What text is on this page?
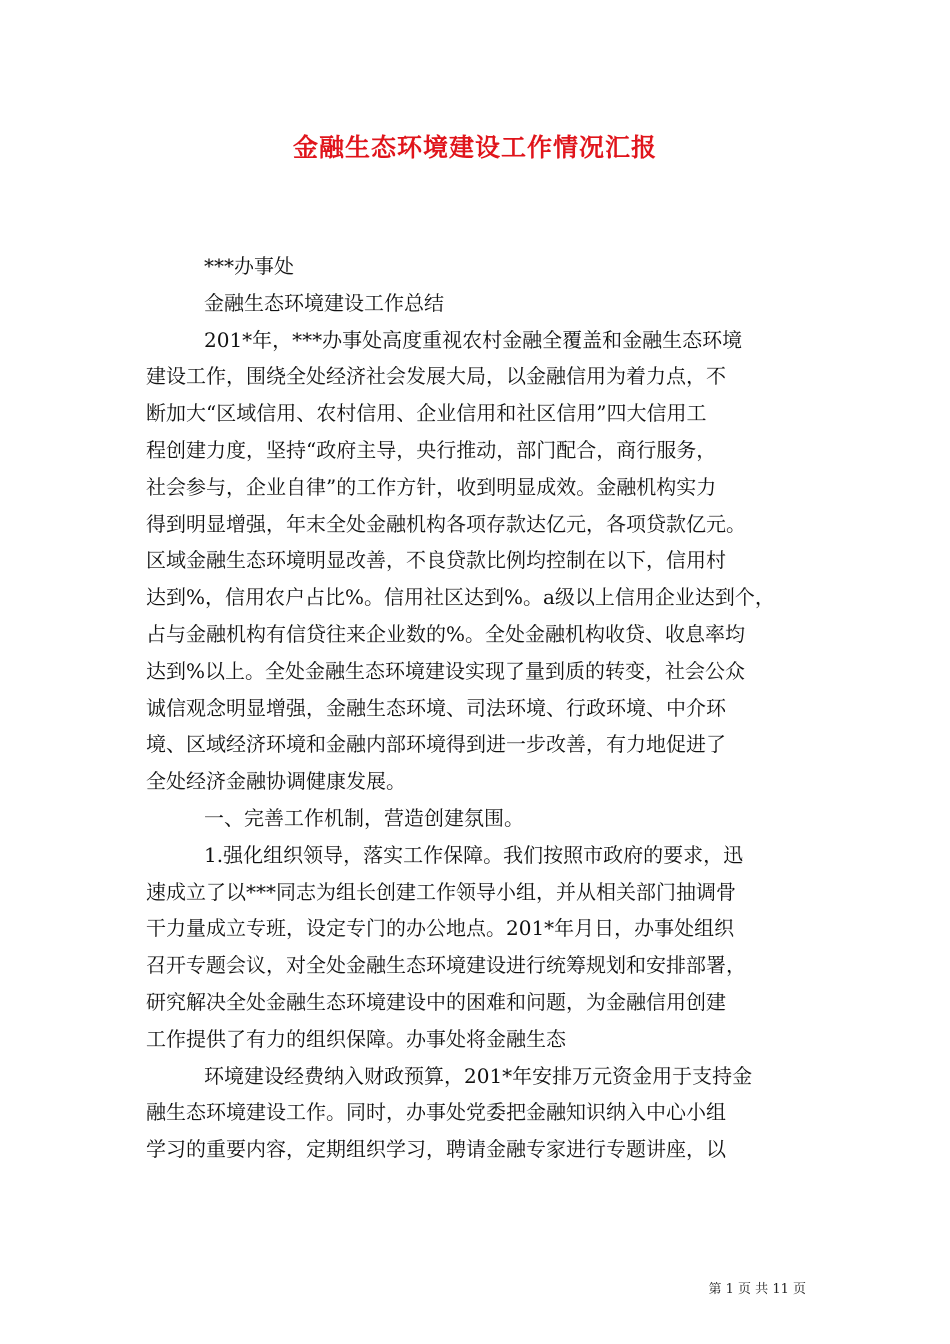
金融生态环境建设工作情况汇报
***办事处
金融生态环境建设工作总结
201*年，***办事处高度重视农村金融全覆盖和金融生态环境
建设工作，围绕全处经济社会发展大局，以金融信用为着力点，不
断加大“区域信用、农村信用、企业信用和社区信用”四大信用工
程创建力度，坚持“政府主导，央行推动，部门配合，商行服务，
社会参与，企业自律”的工作方针，收到明显成效。金融机构实力
得到明显增强，年末全处金融机构各项存款达亿元，各项贷款亿元。
区域金融生态环境明显改善，不良贷款比例均控制在以下，信用村
达到%，信用农户占比%。信用社区达到%。a级以上信用企业达到个，
占与金融机构有信贷往来企业数的%。全处金融机构收贷、收息率均
达到%以上。全处金融生态环境建设实现了量到质的转变，社会公众
诚信观念明显增强，金融生态环境、司法环境、行政环境、中介环
境、区域经济环境和金融内部环境得到进一步改善，有力地促进了
全处经济金融协调健康发展。
一、完善工作机制，营造创建氛围。
1.强化组织领导，落实工作保障。我们按照市政府的要求，迅
速成立了以***同志为组长创建工作领导小组，并从相关部门抽调骨
干力量成立专班，设定专门的办公地点。201*年月日，办事处组织
召开专题会议，对全处金融生态环境建设进行统筹规划和安排部署，
研究解决全处金融生态环境建设中的困难和问题，为金融信用创建
工作提供了有力的组织保障。办事处将金融生态
环境建设经费纳入财政预算，201*年安排万元资金用于支持金
融生态环境建设工作。同时，办事处党委把金融知识纳入中心小组
学习的重要内容，定期组织学习，聘请金融专家进行专题讲座，以
第 1 页 共 11 页
